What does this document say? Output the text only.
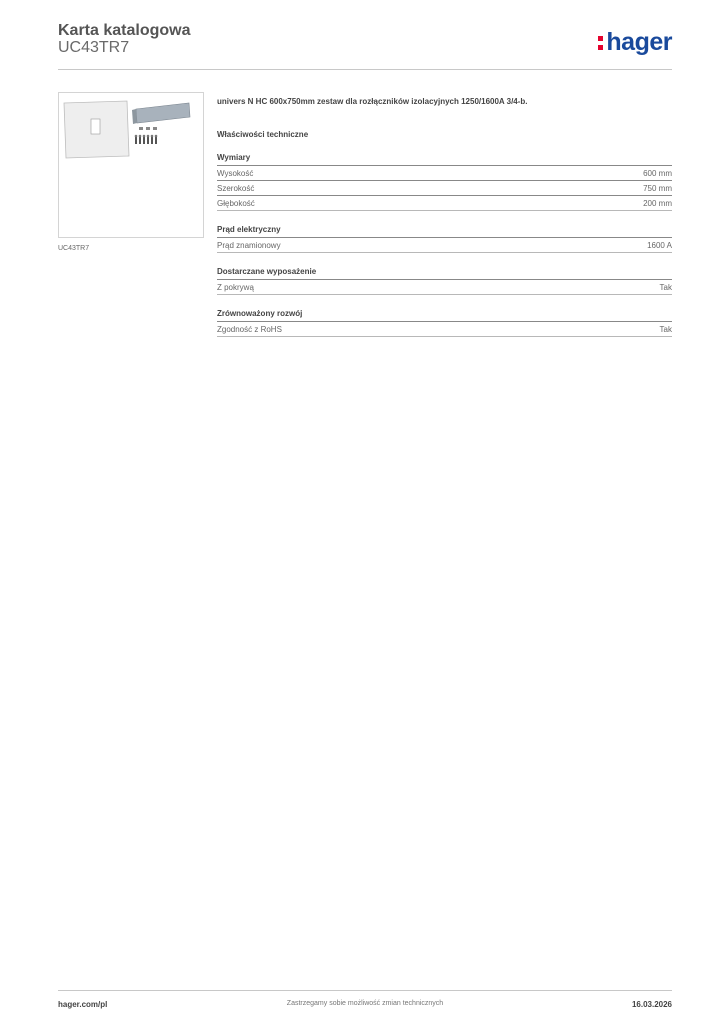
Karta katalogowa
UC43TR7	hager
UC43TR7
univers N HC 600x750mm zestaw dla rozłączników izolacyjnych 1250/1600A 3/4-b.
Właściwości techniczne
Wymiary
Wysokość	600 mm
Szerokość	750 mm
Głębokość	200 mm
Prąd elektryczny
Prąd znamionowy	1600 A
Dostarczane wyposażenie
Z pokrywą	Tak
Zrównoważony rozwój
Zgodność z RoHS	Tak
hager.com/pl	Zastrzegamy sobie możliwość zmian technicznych	16.03.2026
